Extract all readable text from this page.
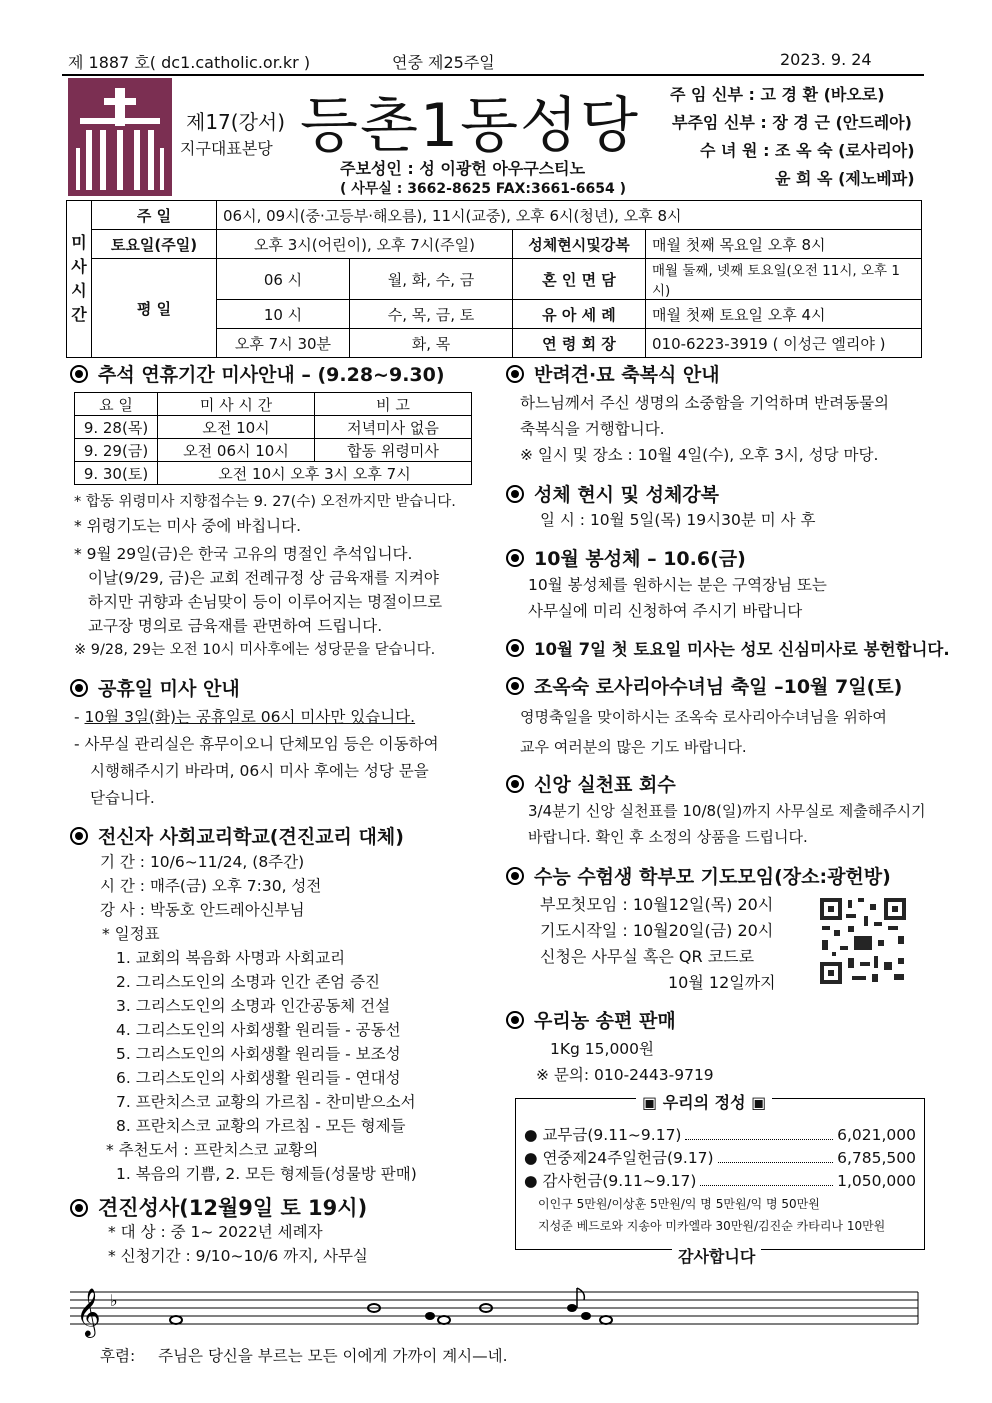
제 1887 호( dc1.catholic.or.kr )	연중 제25주일	2023. 9. 24
제17(강서)
지구대표본당 등촌1동성당
주보성인 : 성 이광헌 아우구스티노
( 사무실 : 3662-8625 FAX:3661-6654 )
주 임 신부 : 고 경 환 (바오로)
부주임 신부 : 장 경 근 (안드레아)
수 녀 원 : 조 옥 숙 (로사리아)
윤 희 옥 (제노베파)
미사시간	주 일	06시, 09시(중·고등부·해오름), 11시(교중), 오후 6시(청년), 오후 8시			
	토요일(주일)	오후 3시(어린이), 오후 7시(주일)		성체현시및강복	매월 첫째 목요일 오후 8시
	평 일	06 시	월, 화, 수, 금	혼 인 면 담	매월 둘째, 넷째 토요일(오전 11시, 오후 1시)
		10 시	수, 목, 금, 토	유 아 세 례	매월 첫째 토요일 오후 4시
		오후 7시 30분	화, 목	연 령 회 장	010-6223-3919 ( 이성근 엘리야 )
추석 연휴기간 미사안내 – (9.28~9.30)
요 일	미 사 시 간	비 고
9. 28(목)	오전 10시	저녁미사 없음
9. 29(금)	오전 06시 10시	합동 위령미사
9. 30(토)	오전 10시 오후 3시 오후 7시	
* 합동 위령미사 지향접수는 9. 27(수) 오전까지만 받습니다.
* 위령기도는 미사 중에 바칩니다.
* 9월 29일(금)은 한국 고유의 명절인 추석입니다.
이날(9/29, 금)은 교회 전례규정 상 금육재를 지켜야
하지만 귀향과 손님맞이 등이 이루어지는 명절이므로
교구장 명의로 금육재를 관면하여 드립니다.
※ 9/28, 29는 오전 10시 미사후에는 성당문을 닫습니다.
공휴일 미사 안내
- 10월 3일(화)는 공휴일로 06시 미사만 있습니다.
- 사무실 관리실은 휴무이오니 단체모임 등은 이동하여
시행해주시기 바라며, 06시 미사 후에는 성당 문을
닫습니다.
전신자 사회교리학교(견진교리 대체)
기 간 : 10/6~11/24, (8주간)
시 간 : 매주(금) 오후 7:30, 성전
강 사 : 박동호 안드레아신부님
* 일정표
1. 교회의 복음화 사명과 사회교리
2. 그리스도인의 소명과 인간 존엄 증진
3. 그리스도인의 소명과 인간공동체 건설
4. 그리스도인의 사회생활 원리들 - 공동선
5. 그리스도인의 사회생활 원리들 - 보조성
6. 그리스도인의 사회생활 원리들 - 연대성
7. 프란치스코 교황의 가르침 - 찬미받으소서
8. 프란치스코 교황의 가르침 - 모든 형제들
* 추천도서 : 프란치스코 교황의
1. 복음의 기쁨, 2. 모든 형제들(성물방 판매)
견진성사(12월9일 토 19시)
* 대 상 : 중 1~ 2022년 세례자
* 신청기간 : 9/10~10/6 까지, 사무실
반려견·묘 축복식 안내
하느님께서 주신 생명의 소중함을 기억하며 반려동물의
축복식을 거행합니다.
※ 일시 및 장소 : 10월 4일(수), 오후 3시, 성당 마당.
성체 현시 및 성체강복
일 시 : 10월 5일(목) 19시30분 미 사 후
10월 봉성체 – 10.6(금)
10월 봉성체를 원하시는 분은 구역장님 또는
사무실에 미리 신청하여 주시기 바랍니다
10월 7일 첫 토요일 미사는 성모 신심미사로 봉헌합니다.
조옥숙 로사리아수녀님 축일 –10월 7일(토)
영명축일을 맞이하시는 조옥숙 로사리아수녀님을 위하여
교우 여러분의 많은 기도 바랍니다.
신앙 실천표 회수
3/4분기 신앙 실천표를 10/8(일)까지 사무실로 제출해주시기
바랍니다. 확인 후 소정의 상품을 드립니다.
수능 수험생 학부모 기도모임(장소:광헌방)
부모첫모임 : 10월12일(목) 20시
기도시작일 : 10월20일(금) 20시
신청은 사무실 혹은 QR 코드로
10월 12일까지
우리농 송편 판매
1Kg 15,000원
※ 문의: 010-2443-9719
▣ 우리의 정성 ▣
● 교무금(9.11~9.17)	6,021,000
● 연중제24주일헌금(9.17)	6,785,500
● 감사헌금(9.11~9.17)	1,050,000
이인구 5만원/이상훈 5만원/익 명 5만원/익 명 50만원
지성준 베드로와 지송아 미카엘라 30만원/김진순 카타리나 10만원
감사합니다
𝄞 ♭
후렴: 주님은 당신을 부르는 모든 이에게 가까이 계시—네.
